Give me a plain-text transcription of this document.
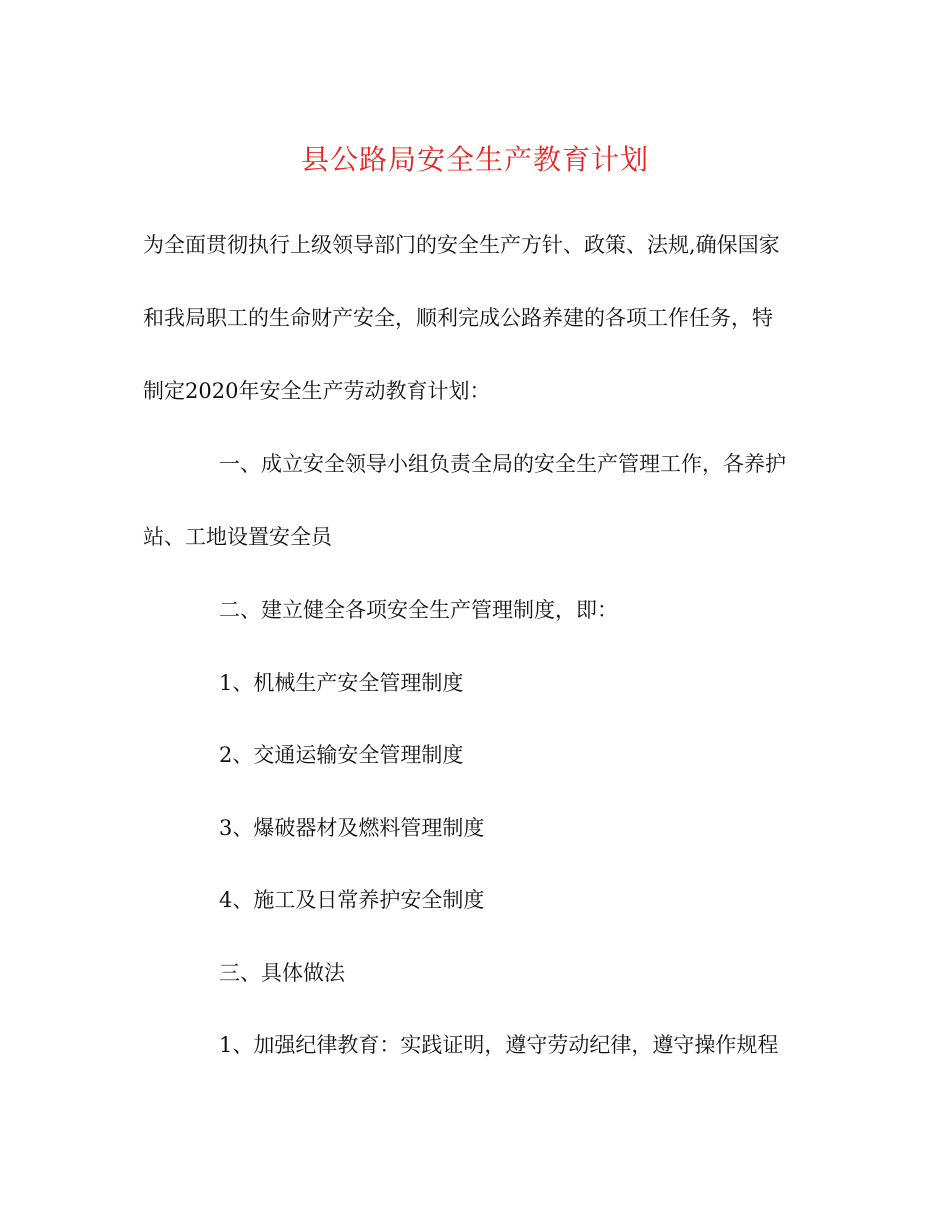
县公路局安全生产教育计划
为全面贯彻执行上级领导部门的安全生产方针、政策、法规,确保国家
和我局职工的生命财产安全，顺利完成公路养建的各项工作任务，特
制定2020年安全生产劳动教育计划：
一、成立安全领导小组负责全局的安全生产管理工作，各养护
站、工地设置安全员
二、建立健全各项安全生产管理制度，即：
1、机械生产安全管理制度
2、交通运输安全管理制度
3、爆破器材及燃料管理制度
4、施工及日常养护安全制度
三、具体做法
1、加强纪律教育：实践证明，遵守劳动纪律，遵守操作规程
